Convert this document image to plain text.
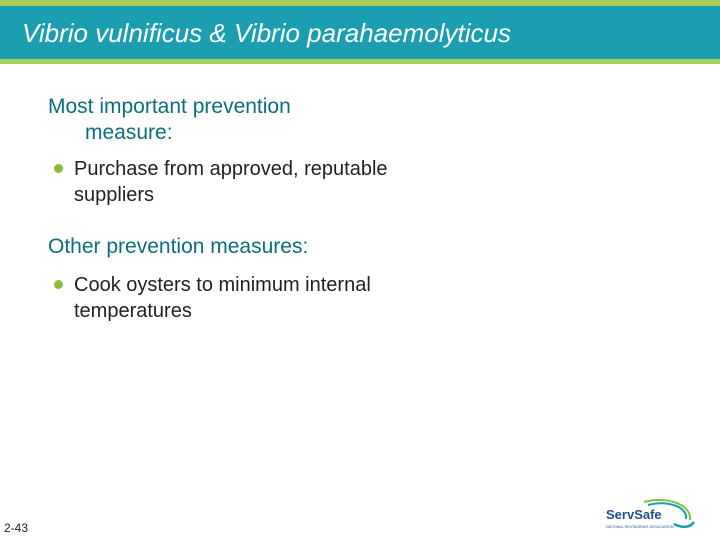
Vibrio vulnificus & Vibrio parahaemolyticus
Most important prevention
measure:
Purchase from approved, reputable suppliers
Other prevention measures:
Cook oysters to minimum internal temperatures
2-43
ServSafe
NATIONAL RESTAURANT ASSOCIATION
